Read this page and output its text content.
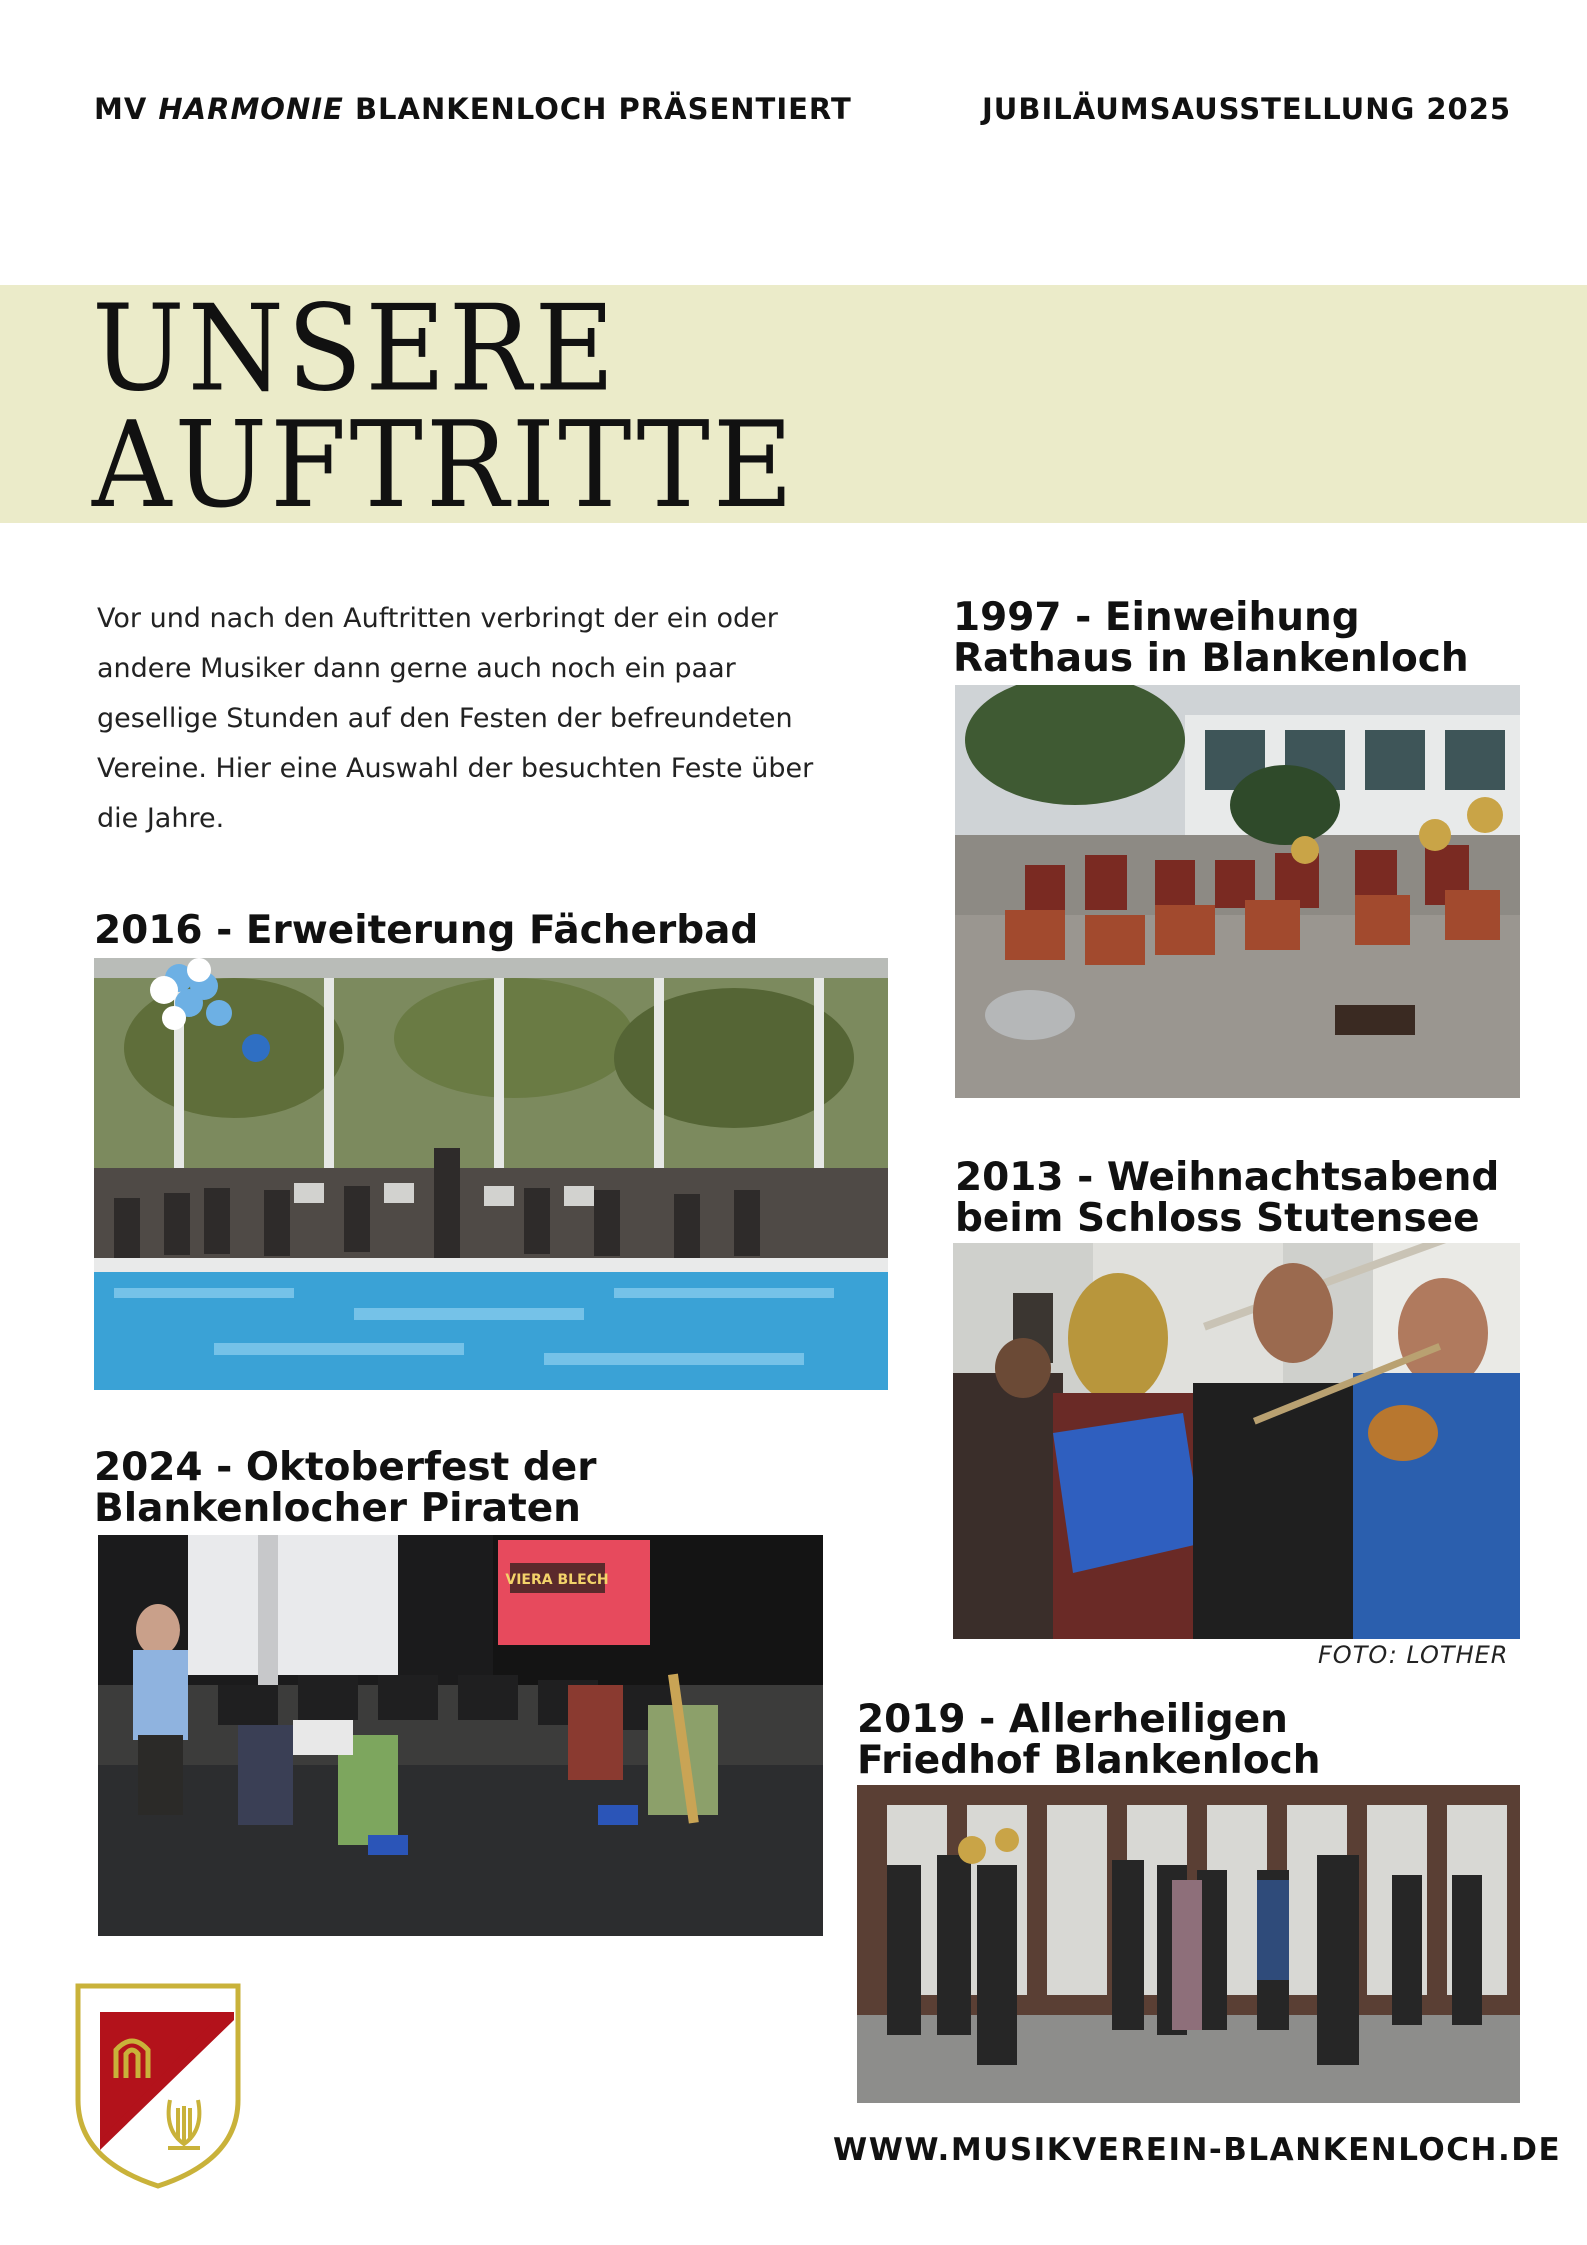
MV HARMONIE BLANKENLOCH PRÄSENTIERT	JUBILÄUMSAUSSTELLUNG 2025
UNSERE
AUFTRITTE
Vor und nach den Auftritten verbringt der ein oder andere Musiker dann gerne auch noch ein paar gesellige Stunden auf den Festen der befreundeten Vereine. Hier eine Auswahl der besuchten Feste über die Jahre.
1997 - Einweihung
Rathaus in Blankenloch
2016 - Erweiterung Fächerbad
2013 - Weihnachtsabend
beim Schloss Stutensee
FOTO: LOTHER
2024 - Oktoberfest der
Blankenlocher Piraten
VIERA BLECH
2019 - Allerheiligen
Friedhof Blankenloch
WWW.MUSIKVEREIN-BLANKENLOCH.DE
